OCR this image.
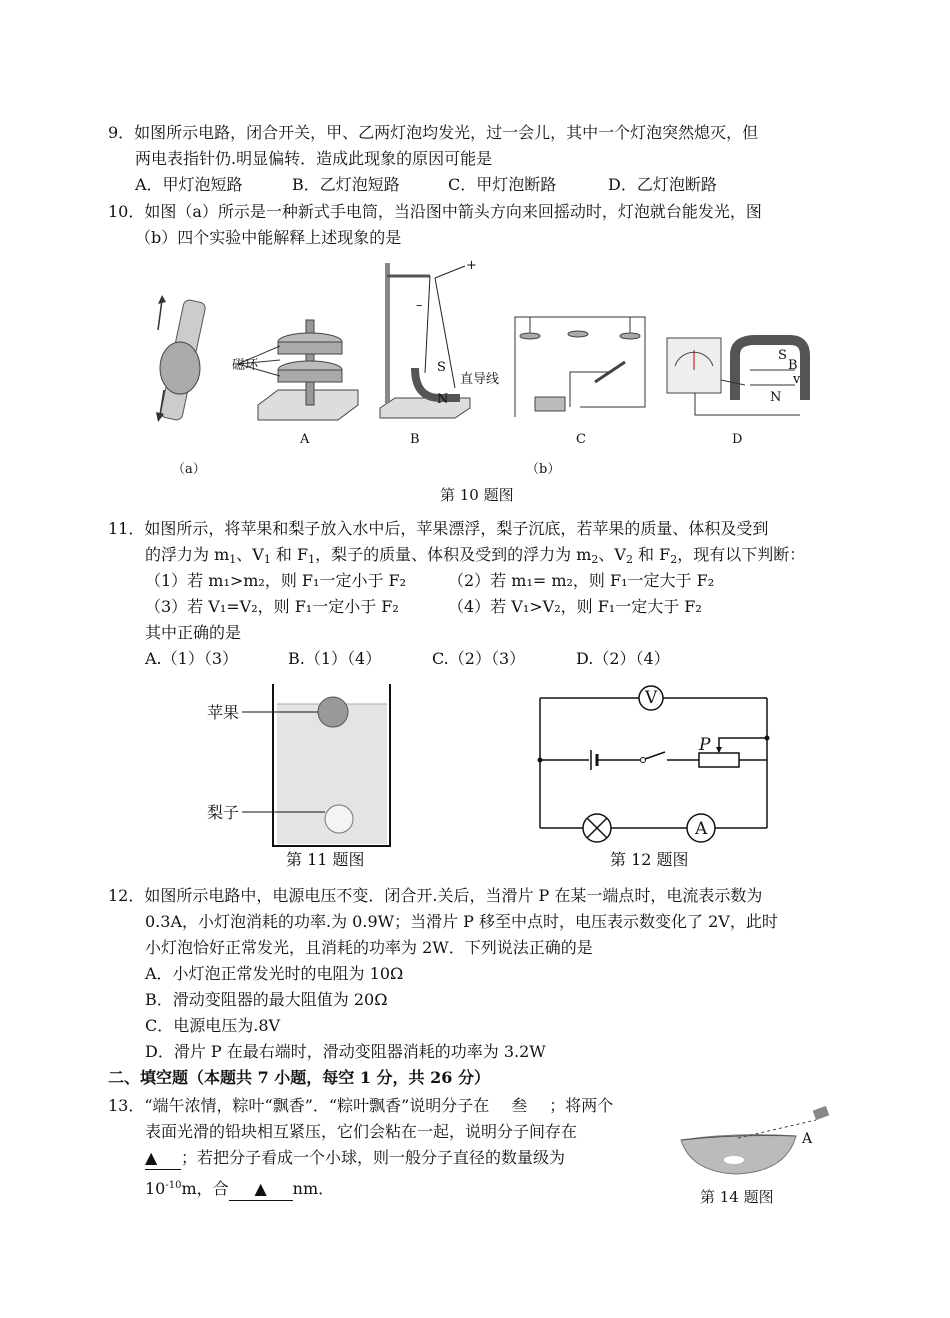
9．如图所示电路，闭合开关，甲、乙两灯泡均发光，过一会儿，其中一个灯泡突然熄灭，但
两电表指针仍.明显偏转．造成此现象的原因可能是
A．甲灯泡短路	B．乙灯泡短路	C．甲灯泡断路	D．乙灯泡断路
10．如图（a）所示是一种新式手电筒，当沿图中箭头方向来回摇动时，灯泡就台能发光，图
（b）四个实验中能解释上述现象的是
（a）
磁环
A
+
–
S
N
直导线
B	C
（b）
B
v
S
N
D
第 10 题图
11．如图所示，将苹果和梨子放入水中后，苹果漂浮，梨子沉底，若苹果的质量、体积及受到
的浮力为 $m_1$、$V_1$ 和 $F_1$，梨子的质量、体积及受到的浮力为 $m_2$、$V_2$ 和 $F_2$，现有以下判断：
（1）若 m₁>m₂，则 F₁一定小于 F₂	（2）若 m₁= m₂，则 F₁一定大于 F₂
（3）若 V₁=V₂，则 F₁一定小于 F₂	（4）若 V₁>V₂，则 F₁一定大于 F₂
其中正确的是
A.（1）（3）	B.（1）（4）	C.（2）（3）	D.（2）（4）
苹果
梨子
第 11 题图
V
A
P
第 12 题图
12．如图所示电路中，电源电压不变．闭合开.关后，当滑片 P 在某一端点时，电流表示数为
0.3A，小灯泡消耗的功率.为 0.9W；当滑片 P 移至中点时，电压表示数变化了 2V，此时
小灯泡恰好正常发光，且消耗的功率为 2W．下列说法正确的是
A．小灯泡正常发光时的电阻为 10Ω
B．滑动变阻器的最大阻值为 20Ω
C．电源电压为.8V
D．滑片 P 在最右端时，滑动变阻器消耗的功率为 3.2W
二、填空题（本题共 7 小题，每空 1 分，共 26 分）
13．“端午浓情，粽叶“飘香”．“粽叶飘香”说明分子在 叁 ；将两个
表面光滑的铅块相互紧压，它们会粘在一起，说明分子间存在
▲ ；若把分子看成一个小球，则一般分子直径的数量级为
$10^{-10}m$，合 ▲ nm．
A
第 14 题图
